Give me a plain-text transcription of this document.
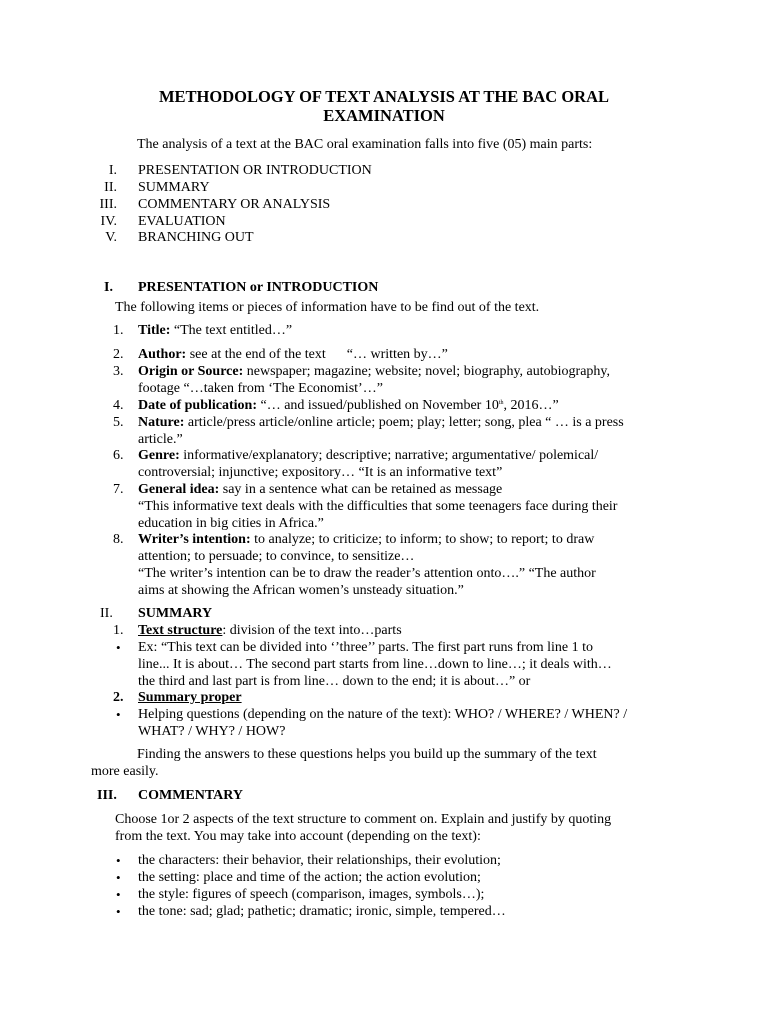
METHODOLOGY OF TEXT ANALYSIS AT THE BAC ORAL
EXAMINATION
The analysis of a text at the BAC oral examination falls into five (05) main parts:
I. PRESENTATION OR INTRODUCTION
II. SUMMARY
III. COMMENTARY OR ANALYSIS
IV. EVALUATION
V. BRANCHING OUT
I. PRESENTATION or INTRODUCTION
The following items or pieces of information have to be find out of the text.
1. Title: “The text entitled…”
2. Author: see at the end of the text      “… written by…”
3. Origin or Source: newspaper; magazine; website; novel; biography, autobiography,
footage “…taken from ‘The Economist’…”
4. Date of publication: “… and issued/published on November 10th, 2016…”
5. Nature: article/press article/online article; poem; play; letter; song, plea “ … is a press
article.”
6. Genre: informative/explanatory; descriptive; narrative; argumentative/ polemical/
controversial; injunctive; expository… “It is an informative text”
7. General idea: say in a sentence what can be retained as message
“This informative text deals with the difficulties that some teenagers face during their
education in big cities in Africa.”
8. Writer’s intention: to analyze; to criticize; to inform; to show; to report; to draw
attention; to persuade; to convince, to sensitize…
“The writer’s intention can be to draw the reader’s attention onto….” “The author
aims at showing the African women’s unsteady situation.”
II. SUMMARY
1. Text structure: division of the text into…parts
• Ex: “This text can be divided into ‘’three’’ parts. The first part runs from line 1 to
line... It is about… The second part starts from line…down to line…; it deals with…
the third and last part is from line… down to the end; it is about…” or
2. Summary proper
• Helping questions (depending on the nature of the text): WHO? / WHERE? / WHEN? /
WHAT? / WHY? / HOW?
Finding the answers to these questions helps you build up the summary of the text
more easily.
III. COMMENTARY
Choose 1or 2 aspects of the text structure to comment on. Explain and justify by quoting
from the text. You may take into account (depending on the text):
• the characters: their behavior, their relationships, their evolution;
• the setting: place and time of the action; the action evolution;
• the style: figures of speech (comparison, images, symbols…);
• the tone: sad; glad; pathetic; dramatic; ironic, simple, tempered…
